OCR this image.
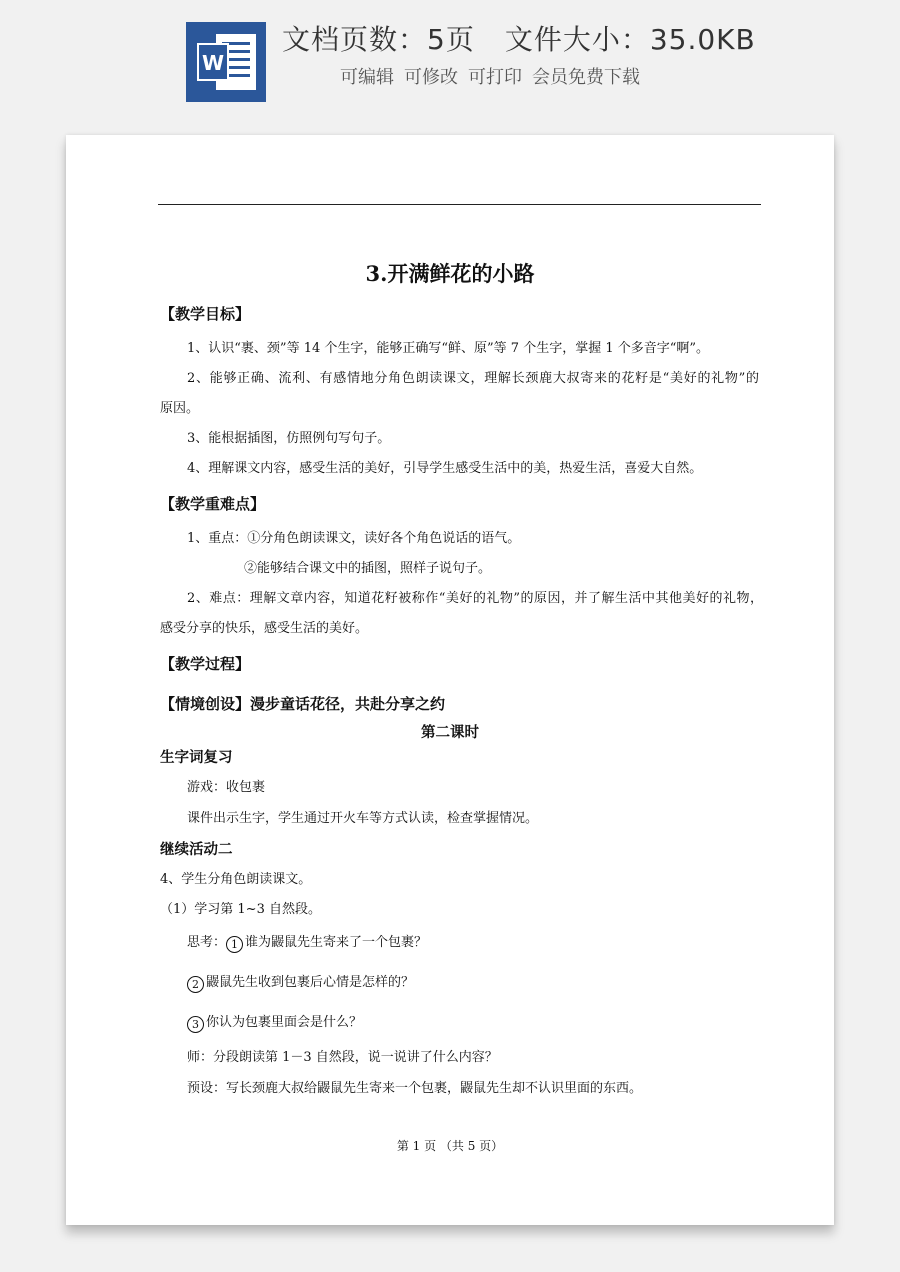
W
文档页数：5页 文件大小：35.0KB
可编辑 可修改 可打印 会员免费下载
3.开满鲜花的小路
【教学目标】

1、认识“裹、颈”等 14 个生字，能够正确写“鲜、原”等 7 个生字，掌握 1 个多音字“啊”。

2、能够正确、流利、有感情地分角色朗读课文，理解长颈鹿大叔寄来的花籽是“美好的礼物”的

原因。

3、能根据插图，仿照例句写句子。

4、理解课文内容，感受生活的美好，引导学生感受生活中的美，热爱生活，喜爱大自然。

【教学重难点】

1、重点：①分角色朗读课文，读好各个角色说话的语气。

②能够结合课文中的插图，照样子说句子。

2、难点：理解文章内容，知道花籽被称作“美好的礼物”的原因，并了解生活中其他美好的礼物，

感受分享的快乐，感受生活的美好。

【教学过程】
【情境创设】漫步童话花径，共赴分享之约
第二课时
生字词复习

游戏：收包裹

课件出示生字，学生通过开火车等方式认读，检查掌握情况。

继续活动二

4、学生分角色朗读课文。

（1）学习第 1~3 自然段。

思考： 1 谁为鼹鼠先生寄来了一个包裹？

2 鼹鼠先生收到包裹后心情是怎样的？

3 你认为包裹里面会是什么？

师：分段朗读第 1－3 自然段，说一说讲了什么内容？

预设：写长颈鹿大叔给鼹鼠先生寄来一个包裹，鼹鼠先生却不认识里面的东西。

第 1 页 （共 5 页）
